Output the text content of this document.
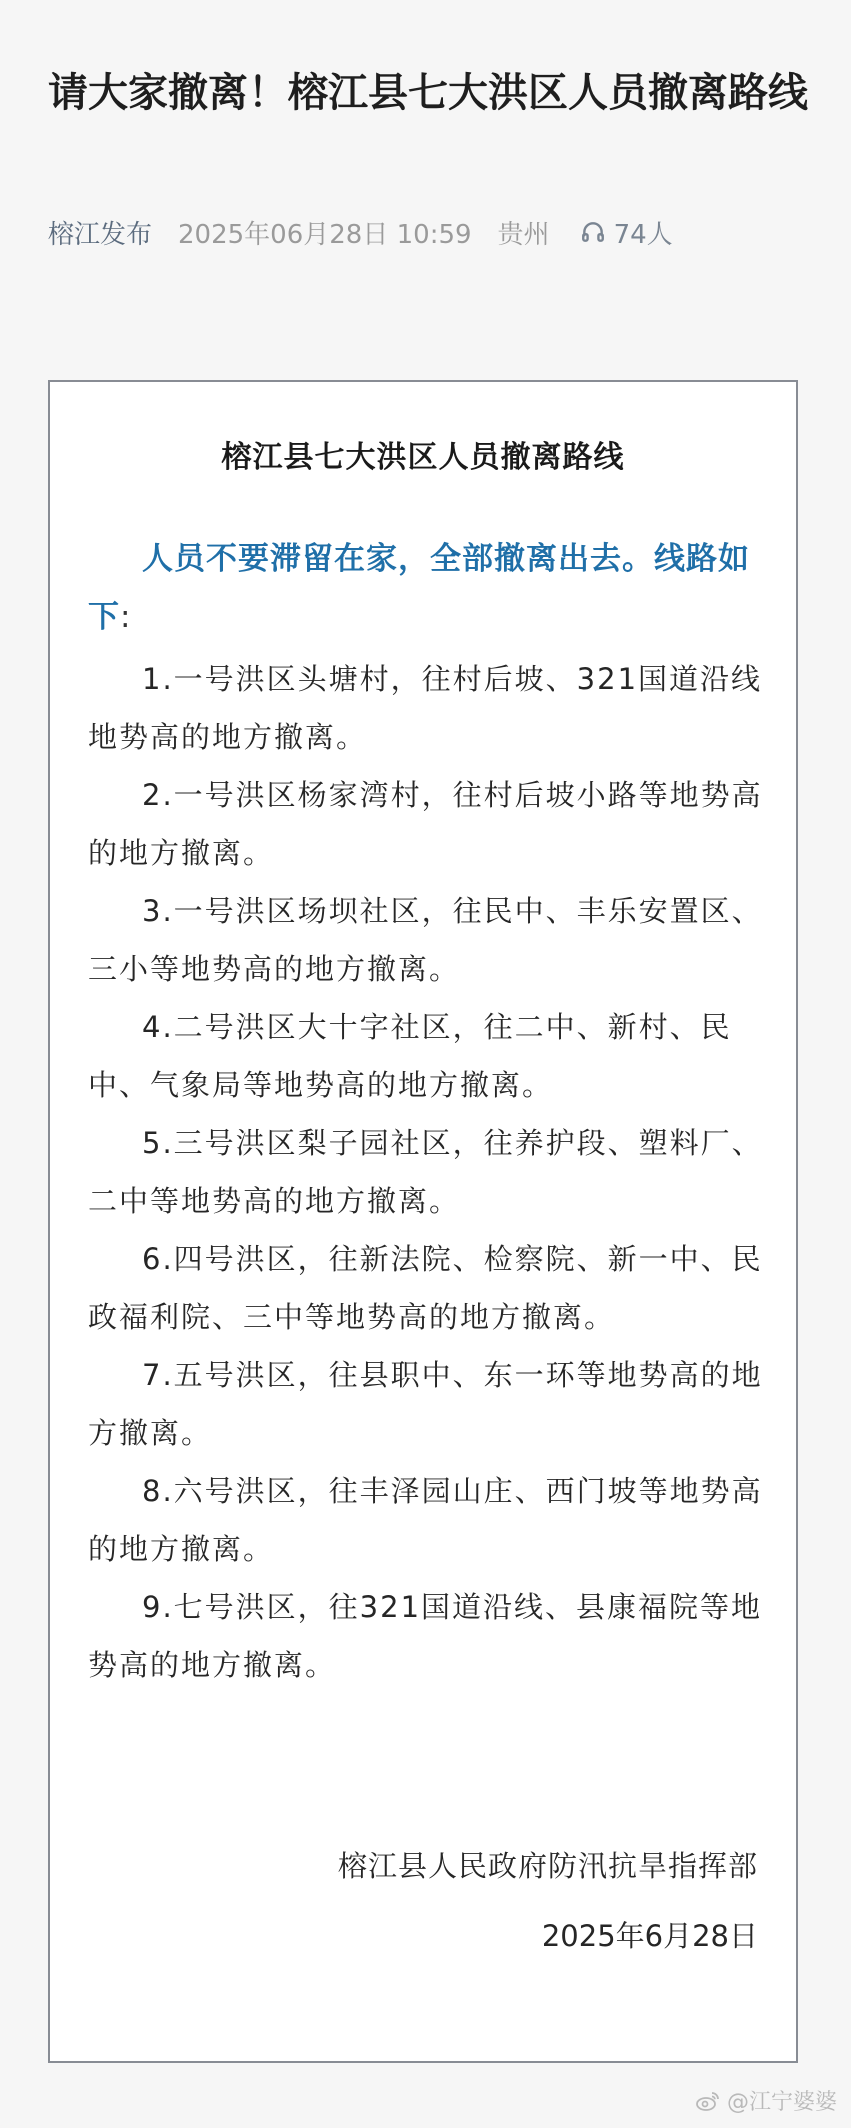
请大家撤离！榕江县七大洪区人员撤离路线
榕江发布 2025年06月28日 10:59 贵州 74人
榕江县七大洪区人员撤离路线
人员不要滞留在家，全部撤离出去。线路如下:
1.一号洪区头塘村，往村后坡、321国道沿线地势高的地方撤离。
2.一号洪区杨家湾村，往村后坡小路等地势高的地方撤离。
3.一号洪区场坝社区，往民中、丰乐安置区、三小等地势高的地方撤离。
4.二号洪区大十字社区，往二中、新村、民中、气象局等地势高的地方撤离。
5.三号洪区梨子园社区，往养护段、塑料厂、二中等地势高的地方撤离。
6.四号洪区，往新法院、检察院、新一中、民政福利院、三中等地势高的地方撤离。
7.五号洪区，往县职中、东一环等地势高的地方撤离。
8.六号洪区，往丰泽园山庄、西门坡等地势高的地方撤离。
9.七号洪区，往321国道沿线、县康福院等地势高的地方撤离。
榕江县人民政府防汛抗旱指挥部
2025年6月28日
@江宁婆婆
